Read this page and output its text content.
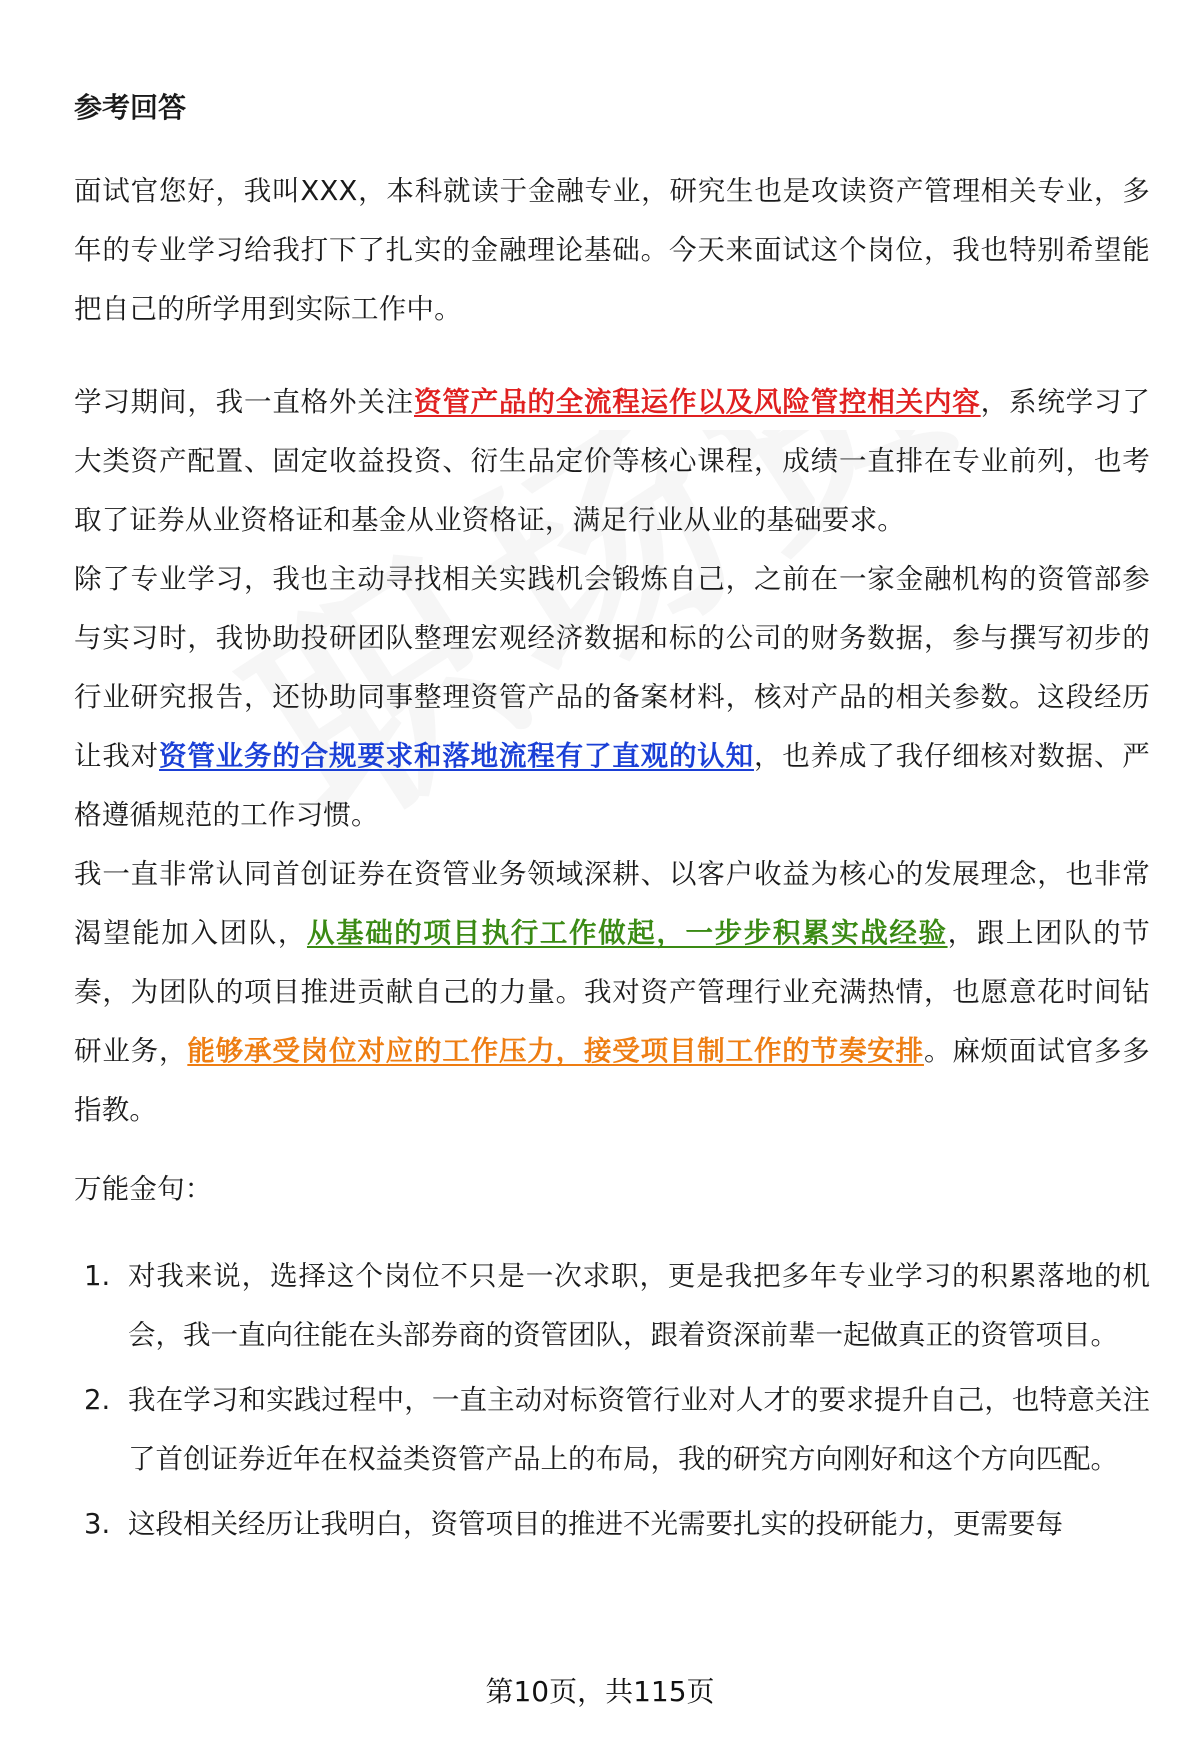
参考回答

面试官您好，我叫XXX，本科就读于金融专业，研究生也是攻读资产管理相关专业，多年的专业学习给我打下了扎实的金融理论基础。今天来面试这个岗位，我也特别希望能把自己的所学用到实际工作中。

学习期间，我一直格外关注资管产品的全流程运作以及风险管控相关内容，系统学习了大类资产配置、固定收益投资、衍生品定价等核心课程，成绩一直排在专业前列，也考取了证券从业资格证和基金从业资格证，满足行业从业的基础要求。

除了专业学习，我也主动寻找相关实践机会锻炼自己，之前在一家金融机构的资管部参与实习时，我协助投研团队整理宏观经济数据和标的公司的财务数据，参与撰写初步的行业研究报告，还协助同事整理资管产品的备案材料，核对产品的相关参数。这段经历让我对资管业务的合规要求和落地流程有了直观的认知，也养成了我仔细核对数据、严格遵循规范的工作习惯。

我一直非常认同首创证券在资管业务领域深耕、以客户收益为核心的发展理念，也非常渴望能加入团队，从基础的项目执行工作做起，一步步积累实战经验，跟上团队的节奏，为团队的项目推进贡献自己的力量。我对资产管理行业充满热情，也愿意花时间钻研业务，能够承受岗位对应的工作压力，接受项目制工作的节奏安排。麻烦面试官多多指教。

万能金句：

1. 对我来说，选择这个岗位不只是一次求职，更是我把多年专业学习的积累落地的机会，我一直向往能在头部券商的资管团队，跟着资深前辈一起做真正的资管项目。
2. 我在学习和实践过程中，一直主动对标资管行业对人才的要求提升自己，也特意关注了首创证券近年在权益类资管产品上的布局，我的研究方向刚好和这个方向匹配。
3. 这段相关经历让我明白，资管项目的推进不光需要扎实的投研能力，更需要每
第10页，共115页
